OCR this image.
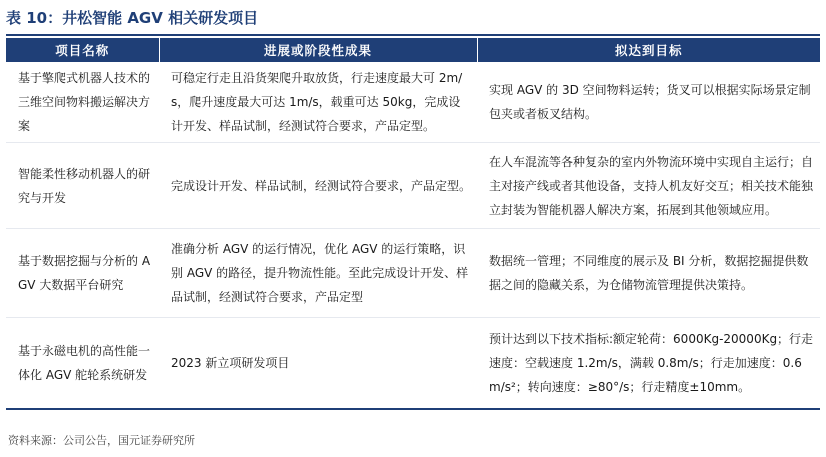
表 10：井松智能 AGV 相关研发项目
项目名称	进展或阶段性成果	拟达到目标
基于擎爬式机器人技术的三维空间物料搬运解决方案	可稳定行走且沿货架爬升取放货，行走速度最大可 2m/s，爬升速度最大可达 1m/s，载重可达 50kg，完成设计开发、样品试制，经测试符合要求，产品定型。	实现 AGV 的 3D 空间物料运转；货叉可以根据实际场景定制包夹或者板叉结构。
智能柔性移动机器人的研究与开发	完成设计开发、样品试制，经测试符合要求，产品定型。	在人车混流等各种复杂的室内外物流环境中实现自主运行；自主对接产线或者其他设备，支持人机友好交互；相关技术能独立封装为智能机器人解决方案，拓展到其他领域应用。
基于数据挖掘与分析的 AGV 大数据平台研究	准确分析 AGV 的运行情况，优化 AGV 的运行策略，识别 AGV 的路径，提升物流性能。至此完成设计开发、样品试制，经测试符合要求，产品定型	数据统一管理；不同维度的展示及 BI 分析，数据挖掘提供数据之间的隐藏关系，为仓储物流管理提供决策持。
基于永磁电机的高性能一体化 AGV 舵轮系统研发	2023 新立项研发项目	预计达到以下技术指标:额定轮荷：6000Kg-20000Kg；行走速度：空载速度 1.2m/s，满载 0.8m/s；行走加速度：0.6m/s²；转向速度：≥80°/s；行走精度±10mm。
资料来源：公司公告，国元证券研究所
